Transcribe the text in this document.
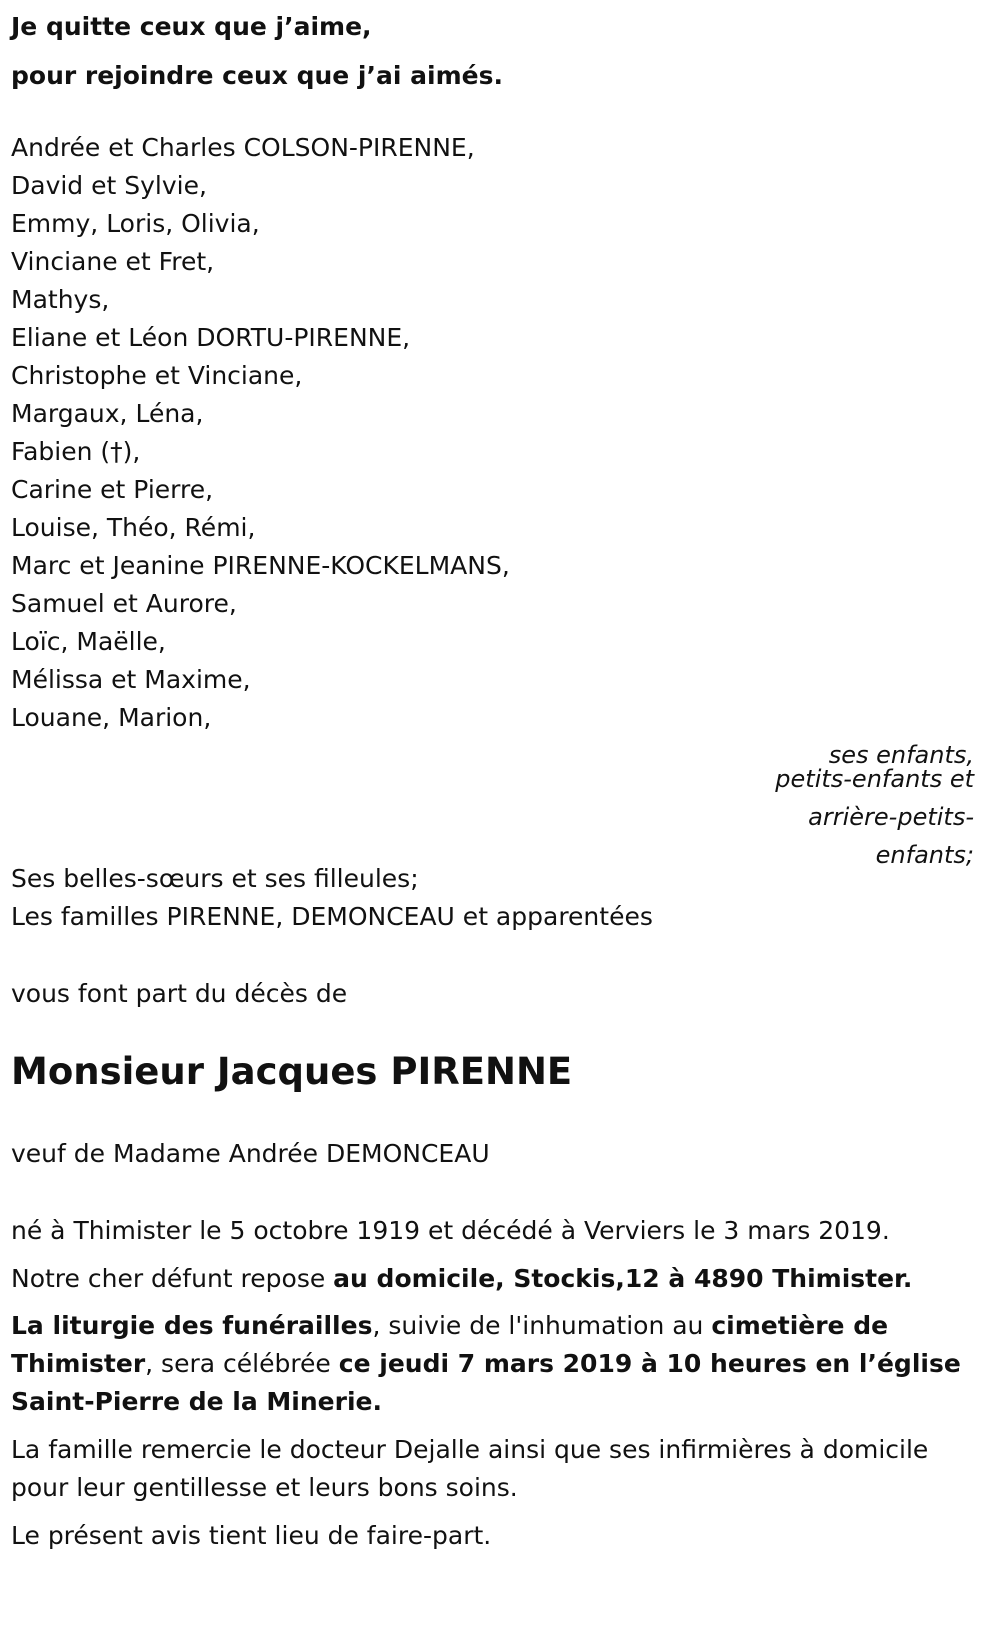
Je quitte ceux que j’aime,
pour rejoindre ceux que j’ai aimés.
Andrée et Charles COLSON-PIRENNE,
David et Sylvie,
Emmy, Loris, Olivia,
Vinciane et Fret,
Mathys,
Eliane et Léon DORTU-PIRENNE,
Christophe et Vinciane,
Margaux, Léna,
Fabien (†),
Carine et Pierre,
Louise, Théo, Rémi,
Marc et Jeanine PIRENNE-KOCKELMANS,
Samuel et Aurore,
Loïc, Maëlle,
Mélissa et Maxime,
Louane, Marion,
ses enfants,
petits-enfants et
arrière-petits-
enfants;
Ses belles-sœurs et ses filleules;
Les familles PIRENNE, DEMONCEAU et apparentées
vous font part du décès de
Monsieur Jacques PIRENNE
veuf de Madame Andrée DEMONCEAU
né à Thimister le 5 octobre 1919 et décédé à Verviers le 3 mars 2019.
Notre cher défunt repose au domicile, Stockis,12 à 4890 Thimister.
La liturgie des funérailles, suivie de l'inhumation au cimetière de Thimister, sera célébrée ce jeudi 7 mars 2019 à 10 heures en l’église Saint-Pierre de la Minerie.
La famille remercie le docteur Dejalle ainsi que ses infirmières à domicile pour leur gentillesse et leurs bons soins.
Le présent avis tient lieu de faire-part.
